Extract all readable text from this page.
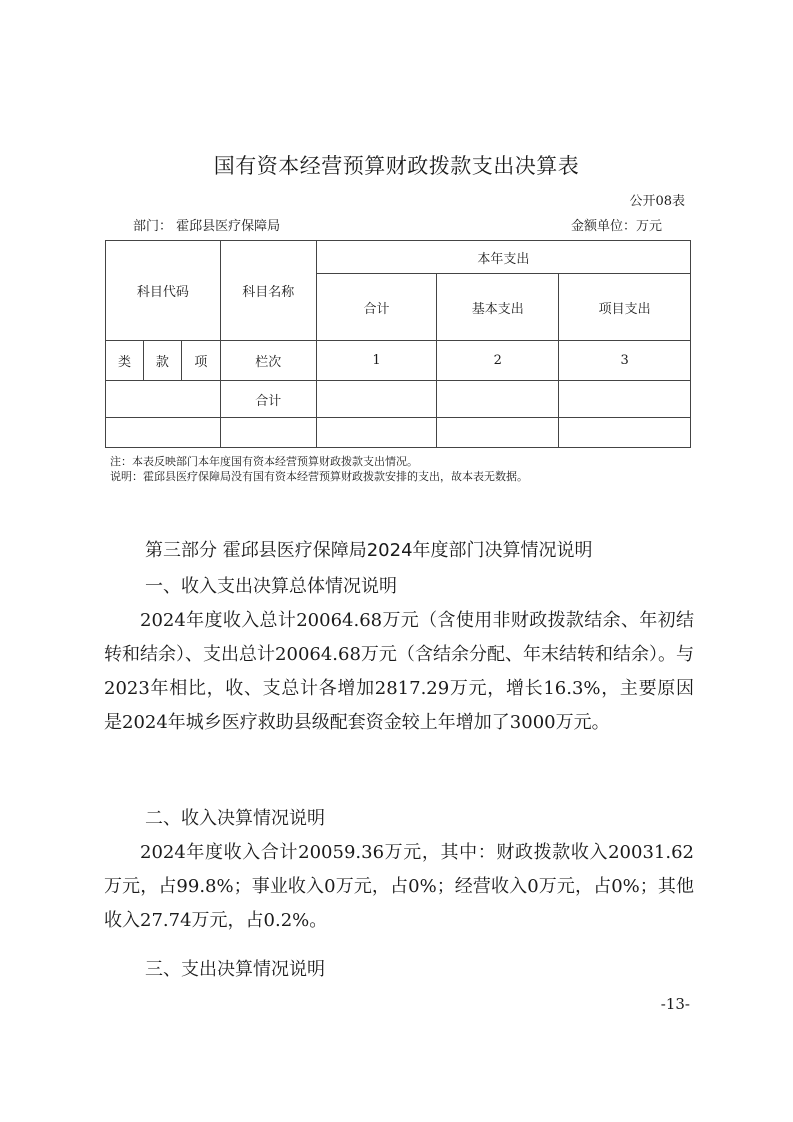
国有资本经营预算财政拨款支出决算表
公开08表
部门： 霍邱县医疗保障局	金额单位：万元
科目代码			科目名称	本年支出		
				合计	基本支出	项目支出
类	款	项	栏次	1	2	3
			合计			

注：本表反映部门本年度国有资本经营预算财政拨款支出情况。
说明：霍邱县医疗保障局没有国有资本经营预算财政拨款安排的支出，故本表无数据。
第三部分 霍邱县医疗保障局2024年度部门决算情况说明
一、收入支出决算总体情况说明

2024年度收入总计20064.68万元（含使用非财政拨款结余、年初结转和结余）、支出总计20064.68万元（含结余分配、年末结转和结余）。与2023年相比，收、支总计各增加2817.29万元，增长16.3%，主要原因是2024年城乡医疗救助县级配套资金较上年增加了3000万元。

二、收入决算情况说明

2024年度收入合计20059.36万元，其中：财政拨款收入20031.62万元，占99.8%；事业收入0万元，占0%；经营收入0万元，占0%；其他收入27.74万元，占0.2%。

三、支出决算情况说明
-13-
